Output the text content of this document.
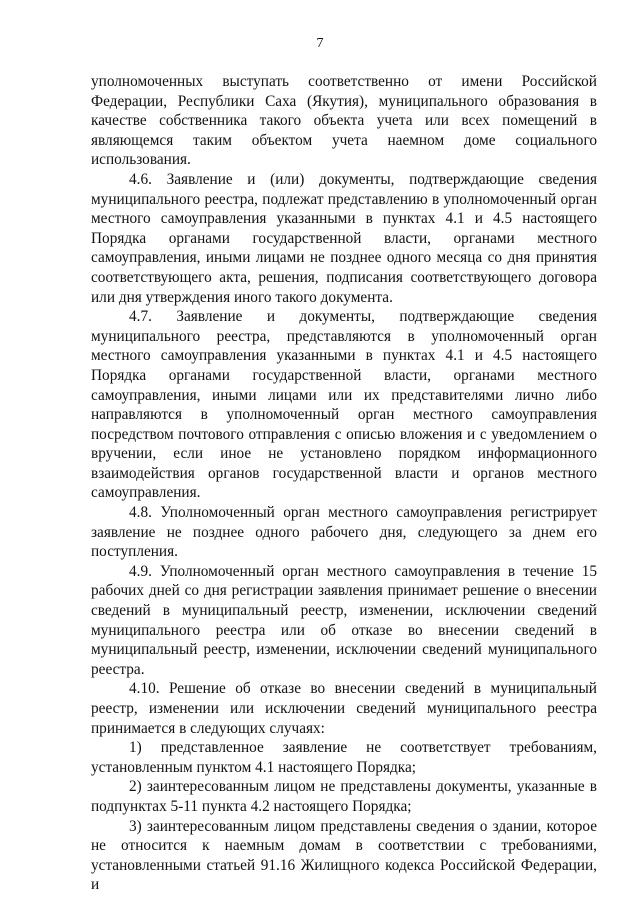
7

уполномоченных выступать соответственно от имени Российской Федерации, Республики Саха (Якутия), муниципального образования в качестве собственника такого объекта учета или всех помещений в являющемся таким объектом учета наемном доме социального использования.

4.6. Заявление и (или) документы, подтверждающие сведения муниципального реестра, подлежат представлению в уполномоченный орган местного самоуправления указанными в пунктах 4.1 и 4.5 настоящего Порядка органами государственной власти, органами местного самоуправления, иными лицами не позднее одного месяца со дня принятия соответствующего акта, решения, подписания соответствующего договора или дня утверждения иного такого документа.

4.7. Заявление и документы, подтверждающие сведения муниципального реестра, представляются в уполномоченный орган местного самоуправления указанными в пунктах 4.1 и 4.5 настоящего Порядка органами государственной власти, органами местного самоуправления, иными лицами или их представителями лично либо направляются в уполномоченный орган местного самоуправления посредством почтового отправления с описью вложения и с уведомлением о вручении, если иное не установлено порядком информационного взаимодействия органов государственной власти и органов местного самоуправления.

4.8. Уполномоченный орган местного самоуправления регистрирует заявление не позднее одного рабочего дня, следующего за днем его поступления.

4.9. Уполномоченный орган местного самоуправления в течение 15 рабочих дней со дня регистрации заявления принимает решение о внесении сведений в муниципальный реестр, изменении, исключении сведений муниципального реестра или об отказе во внесении сведений в муниципальный реестр, изменении, исключении сведений муниципального реестра.

4.10. Решение об отказе во внесении сведений в муниципальный реестр, изменении или исключении сведений муниципального реестра принимается в следующих случаях:

1) представленное заявление не соответствует требованиям, установленным пунктом 4.1 настоящего Порядка;

2) заинтересованным лицом не представлены документы, указанные в подпунктах 5-11 пункта 4.2 настоящего Порядка;

3) заинтересованным лицом представлены сведения о здании, которое не относится к наемным домам в соответствии с требованиями, установленными статьей 91.16 Жилищного кодекса Российской Федерации, и
